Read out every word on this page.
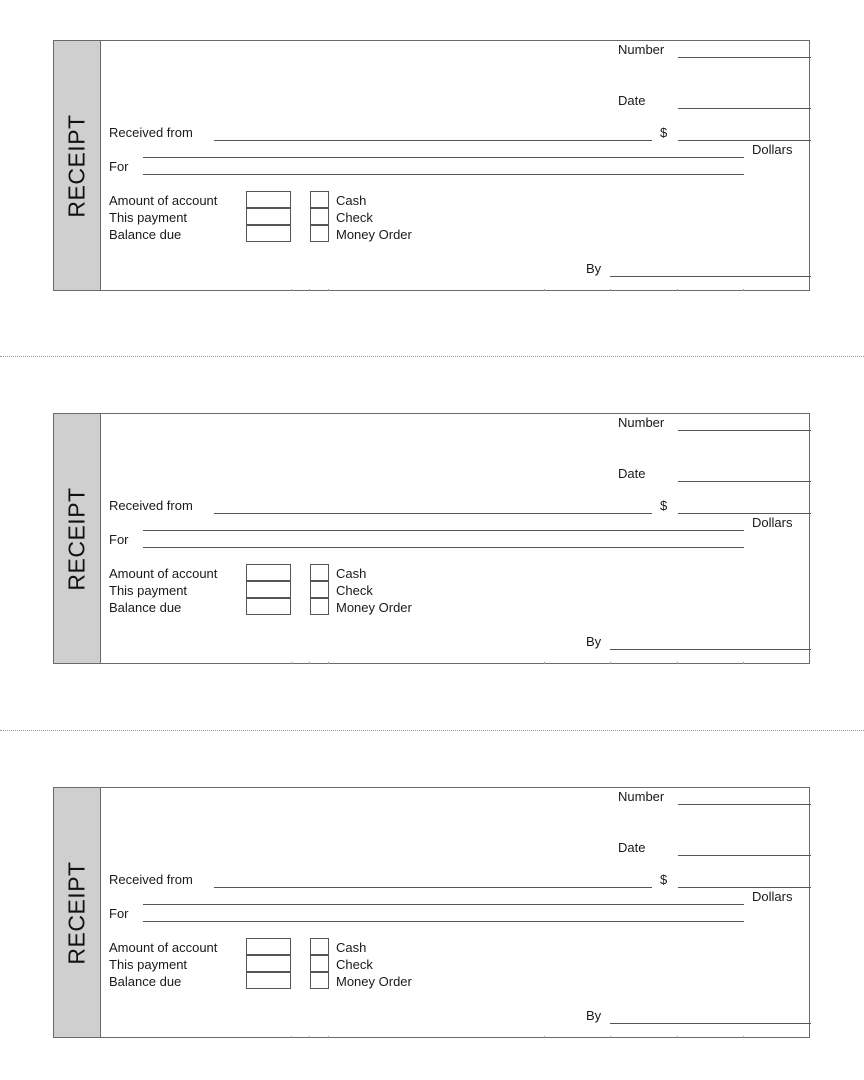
RECEIPT
Number
Date
Received from	$
Dollars
For
Amount of account
This payment
Balance due
Cash
Check
Money Order
By
RECEIPT
Number
Date
Received from	$
Dollars
For
Amount of account
This payment
Balance due
Cash
Check
Money Order
By
RECEIPT
Number
Date
Received from	$
Dollars
For
Amount of account
This payment
Balance due
Cash
Check
Money Order
By
